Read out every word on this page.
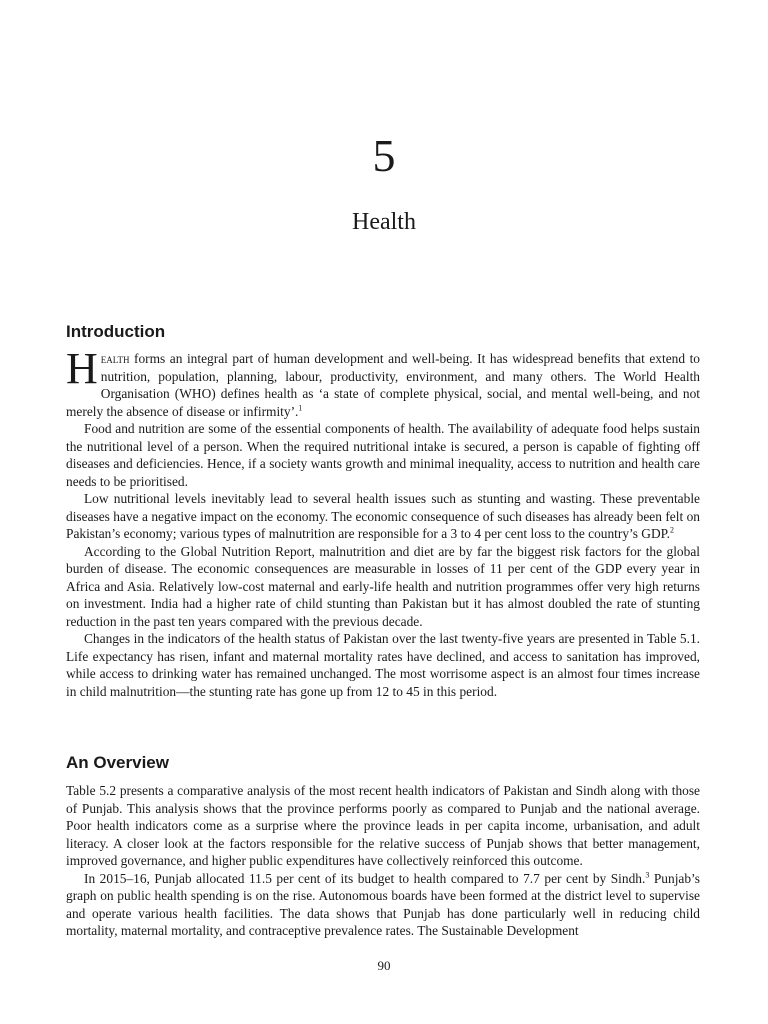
5
Health
Introduction

Health forms an integral part of human development and well-being. It has widespread benefits that extend to nutrition, population, planning, labour, productivity, environment, and many others. The World Health Organisation (WHO) defines health as ‘a state of complete physical, social, and mental well-being, and not merely the absence of disease or infirmity’.$^1$

Food and nutrition are some of the essential components of health. The availability of adequate food helps sustain the nutritional level of a person. When the required nutritional intake is secured, a person is capable of fighting off diseases and deficiencies. Hence, if a society wants growth and minimal inequality, access to nutrition and health care needs to be prioritised.

Low nutritional levels inevitably lead to several health issues such as stunting and wasting. These preventable diseases have a negative impact on the economy. The economic consequence of such diseases has already been felt on Pakistan’s economy; various types of malnutrition are responsible for a 3 to 4 per cent loss to the country’s GDP.$^2$

According to the Global Nutrition Report, malnutrition and diet are by far the biggest risk factors for the global burden of disease. The economic consequences are measurable in losses of 11 per cent of the GDP every year in Africa and Asia. Relatively low-cost maternal and early-life health and nutrition programmes offer very high returns on investment. India had a higher rate of child stunting than Pakistan but it has almost doubled the rate of stunting reduction in the past ten years compared with the previous decade.

Changes in the indicators of the health status of Pakistan over the last twenty-five years are presented in Table 5.1. Life expectancy has risen, infant and maternal mortality rates have declined, and access to sanitation has improved, while access to drinking water has remained unchanged. The most worrisome aspect is an almost four times increase in child malnutrition—the stunting rate has gone up from 12 to 45 in this period.

An Overview

Table 5.2 presents a comparative analysis of the most recent health indicators of Pakistan and Sindh along with those of Punjab. This analysis shows that the province performs poorly as compared to Punjab and the national average. Poor health indicators come as a surprise where the province leads in per capita income, urbanisation, and adult literacy. A closer look at the factors responsible for the relative success of Punjab shows that better management, improved governance, and higher public expenditures have collectively reinforced this outcome.

In 2015–16, Punjab allocated 11.5 per cent of its budget to health compared to 7.7 per cent by Sindh.$^3$ Punjab’s graph on public health spending is on the rise. Autonomous boards have been formed at the district level to supervise and operate various health facilities. The data shows that Punjab has done particularly well in reducing child mortality, maternal mortality, and contraceptive prevalence rates. The Sustainable Development

90
